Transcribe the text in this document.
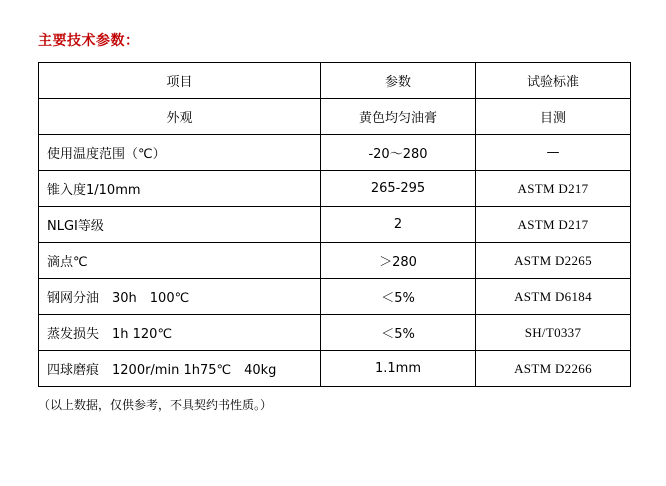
主要技术参数：
项目	参数	试验标准
外观	黄色均匀油膏	目测
使用温度范围（℃）	-20～280	—
锥入度1/10mm	265-295	ASTM D217
NLGI等级	2	ASTM D217
滴点℃	＞280	ASTM D2265
钢网分油　30h　100℃	＜5%	ASTM D6184
蒸发损失　1h 120℃	＜5%	SH/T0337
四球磨痕　1200r/min 1h75℃　40kg	1.1mm	ASTM D2266
（以上数据，仅供参考，不具契约书性质。）
